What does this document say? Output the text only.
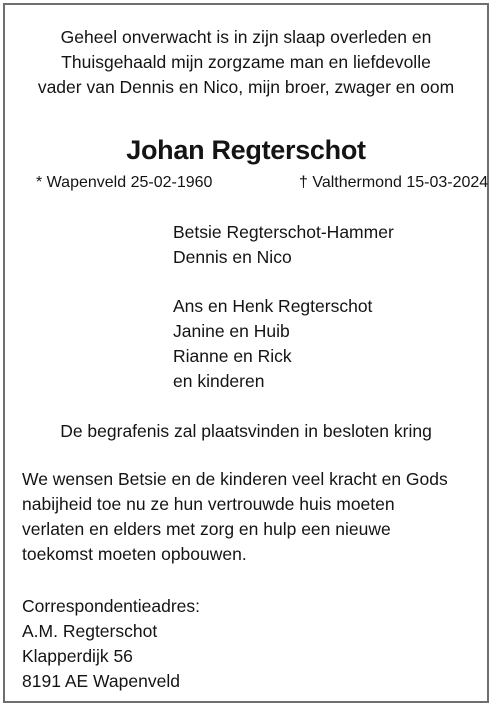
Geheel onverwacht is in zijn slaap overleden en
Thuisgehaald mijn zorgzame man en liefdevolle
vader van Dennis en Nico, mijn broer, zwager en oom
Johan Regterschot
* Wapenveld 25-02-1960	† Valthermond 15-03-2024
Betsie Regterschot-Hammer
Dennis en Nico
Ans en Henk Regterschot
Janine en Huib
Rianne en Rick
en kinderen
De begrafenis zal plaatsvinden in besloten kring
We wensen Betsie en de kinderen veel kracht en Gods
nabijheid toe nu ze hun vertrouwde huis moeten
verlaten en elders met zorg en hulp een nieuwe
toekomst moeten opbouwen.
Correspondentieadres:
A.M. Regterschot
Klapperdijk 56
8191 AE Wapenveld
